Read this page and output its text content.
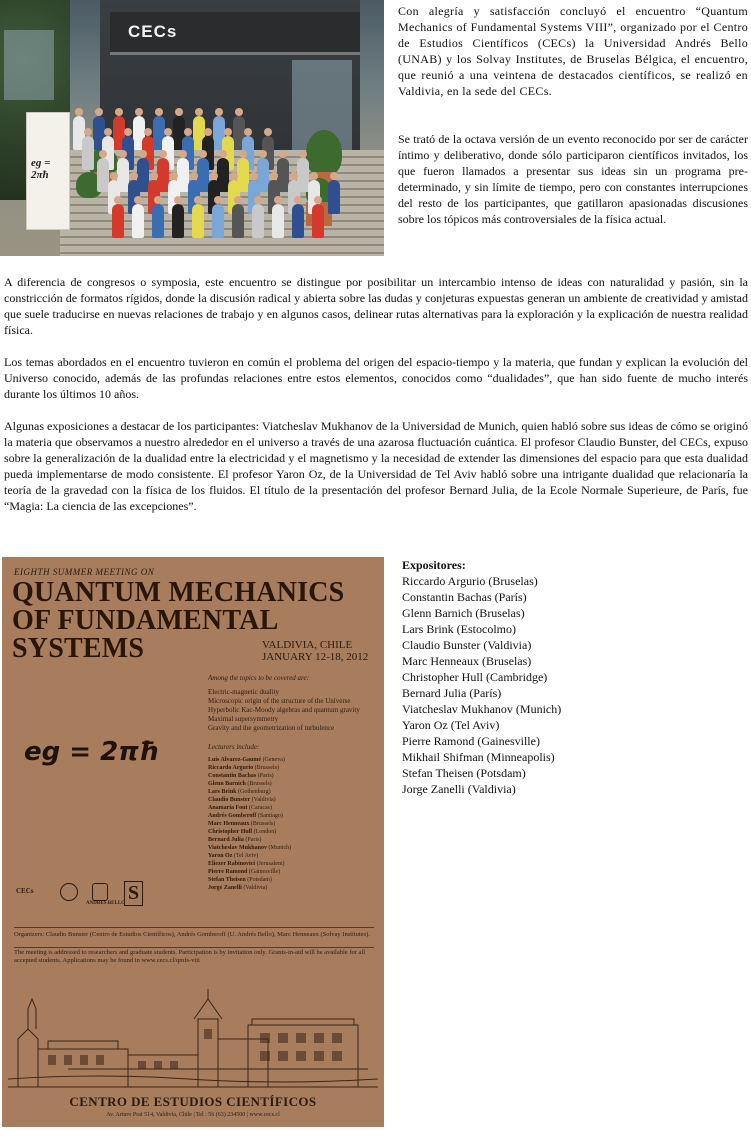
CECs
eg = 2πħ

Con alegría y satisfacción concluyó el encuentro “Quantum Mechanics of Fundamental Systems VIII”, organizado por el Centro de Estudios Científicos (CECs) la Universidad Andrés Bello (UNAB) y los Solvay Institutes, de Bruselas Bélgica, el encuentro, que reunió a una veintena de destacados científicos, se realizó en Valdivia, en la sede del CECs.

Se trató de la octava versión de un evento reconocido por ser de carácter íntimo y deliberativo, donde sólo participaron científicos invitados, los que fueron llamados a presentar sus ideas sin un programa pre-determinado, y sin límite de tiempo, pero con constantes interrupciones del resto de los participantes, que gatillaron apasionadas discusiones sobre los tópicos más controversiales de la física actual.

A diferencia de congresos o symposia, este encuentro se distingue por posibilitar un intercambio intenso de ideas con naturalidad y pasión, sin la constricción de formatos rígidos, donde la discusión radical y abierta sobre las dudas y conjeturas expuestas generan un ambiente de creatividad y amistad que suele traducirse en nuevas relaciones de trabajo y en algunos casos, delinear rutas alternativas para la exploración y la explicación de nuestra realidad física.

Los temas abordados en el encuentro tuvieron en común el problema del origen del espacio-tiempo y la materia, que fundan y explican la evolución del Universo conocido, además de las profundas relaciones entre estos elementos, conocidos como “dualidades”, que han sido fuente de mucho interés durante los últimos 10 años.

Algunas exposiciones a destacar de los participantes: Viatcheslav Mukhanov de la Universidad de Munich, quien habló sobre sus ideas de cómo se originó la materia que observamos a nuestro alrededor en el universo a través de una azarosa fluctuación cuántica. El profesor Claudio Bunster, del CECs, expuso sobre la generalización de la dualidad entre la electricidad y el magnetismo y la necesidad de extender las dimensiones del espacio para que esta dualidad pueda implementarse de modo consistente. El profesor Yaron Oz, de la Universidad de Tel Aviv habló sobre una intrigante dualidad que relacionaría la teoría de la gravedad con la física de los fluidos. El título de la presentación del profesor Bernard Julia, de la Ecole Normale Superieure, de París, fue “Magia: La ciencia de las excepciones”.

EIGHTH SUMMER MEETING ON
QUANTUM MECHANICS OF FUNDAMENTAL SYSTEMS	VALDIVIA, CHILE
JANUARY 12-18, 2012
eg = 2πħ
Among the topics to be covered are:
Electric-magnetic duality
Microscopic origin of the structure of the Universe
Hyperbolic Kac-Moody algebras and quantum gravity
Maximal supersymmetry
Gravity and the geometrization of turbulence
Lecturers include:
Luis Alvarez-Gaumé (Geneva)
Riccardo Argurio (Brussels)
Constantin Bachas (Paris)
Glenn Barnich (Brussels)
Lars Brink (Gothenburg)
Claudio Bunster (Valdivia)
Anamaría Font (Caracas)
Andrés Gomberoff (Santiago)
Marc Henneaux (Brussels)
Christopher Hull (London)
Bernard Julia (Paris)
Viatcheslav Mukhanov (Munich)
Yaron Oz (Tel Aviv)
Eliezer Rabinovici (Jerusalem)
Pierre Ramond (Gainesville)
Stefan Theisen (Potsdam)
Jorge Zanelli (Valdivia)
CECs
ANDRES BELLO S
Organizers: Claudio Bunster (Centro de Estudios Científicos), Andrés Gomberoff (U. Andrés Bello), Marc Henneaux (Solvay Institutes).
The meeting is addressed to researchers and graduate students. Participation is by invitation only. Grants-in-aid will be available for all accepted students. Applications may be found in www.cecs.cl/qmfs-viii
CENTRO DE ESTUDIOS CIENTÍFICOS
Av. Arturo Prat 514, Valdivia, Chile | Tel : 56 (63) 234500 | www.cecs.cl
Expositores:
Riccardo Argurio (Bruselas)
Constantin Bachas (París)
Glenn Barnich (Bruselas)
Lars Brink (Estocolmo)
Claudio Bunster (Valdivia)
Marc Henneaux (Bruselas)
Christopher Hull (Cambridge)
Bernard Julia (París)
Viatcheslav Mukhanov (Munich)
Yaron Oz (Tel Aviv)
Pierre Ramond (Gainesville)
Mikhail Shifman (Minneapolis)
Stefan Theisen (Potsdam)
Jorge Zanelli (Valdivia)
